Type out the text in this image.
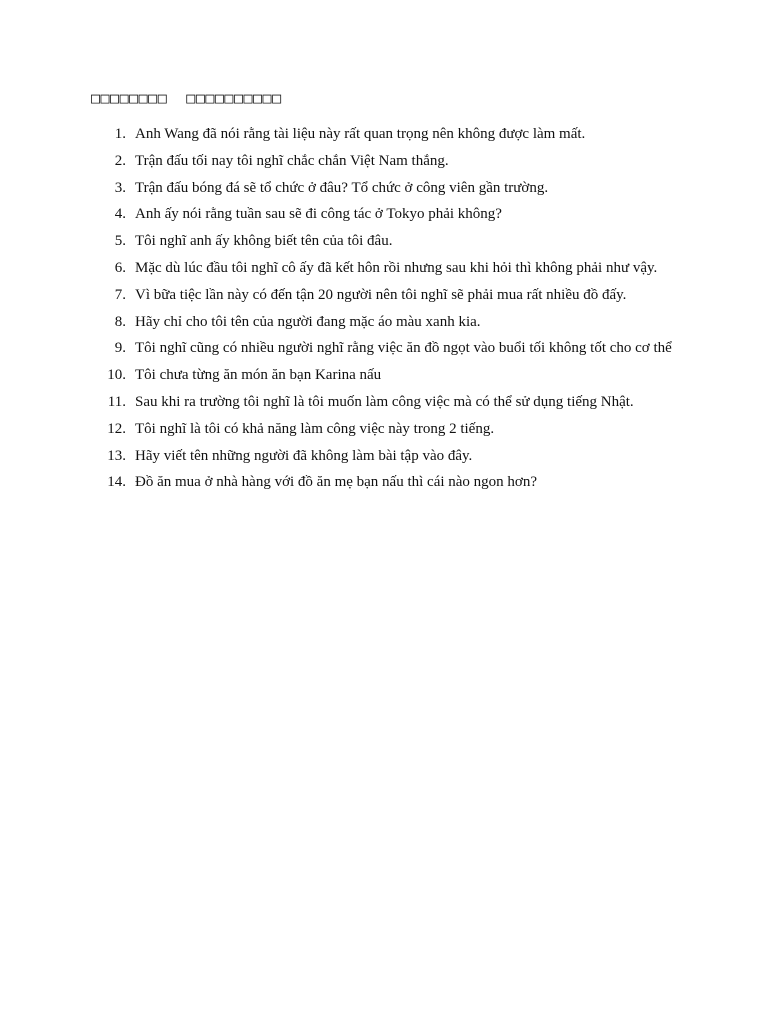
□□□□□□□□  □□□□□□□□□□
1. Anh Wang đã nói rằng tài liệu này rất quan trọng nên không được làm mất.
2. Trận đấu tối nay tôi nghĩ chắc chắn Việt Nam thắng.
3. Trận đấu bóng đá sẽ tổ chức ở đâu? Tổ chức ở công viên gần trường.
4. Anh ấy nói rằng tuần sau sẽ đi công tác ở Tokyo phải không?
5. Tôi nghĩ anh ấy không biết tên của tôi đâu.
6. Mặc dù lúc đầu tôi nghĩ cô ấy đã kết hôn rồi nhưng sau khi hỏi thì không phải như vậy.
7. Vì bữa tiệc lần này có đến tận 20 người nên tôi nghĩ sẽ phải mua rất nhiều đồ đấy.
8. Hãy chỉ cho tôi tên của người đang mặc áo màu xanh kia.
9. Tôi nghĩ cũng có nhiều người nghĩ rằng việc ăn đồ ngọt vào buổi tối không tốt cho cơ thể
10. Tôi chưa từng ăn món ăn bạn Karina nấu
11. Sau khi ra trường tôi nghĩ là tôi muốn làm công việc mà có thể sử dụng tiếng Nhật.
12. Tôi nghĩ là tôi có khả năng làm công việc này trong 2 tiếng.
13. Hãy viết tên những người đã không làm bài tập vào đây.
14. Đồ ăn mua ở nhà hàng với đồ ăn mẹ bạn nấu thì cái nào ngon hơn?
